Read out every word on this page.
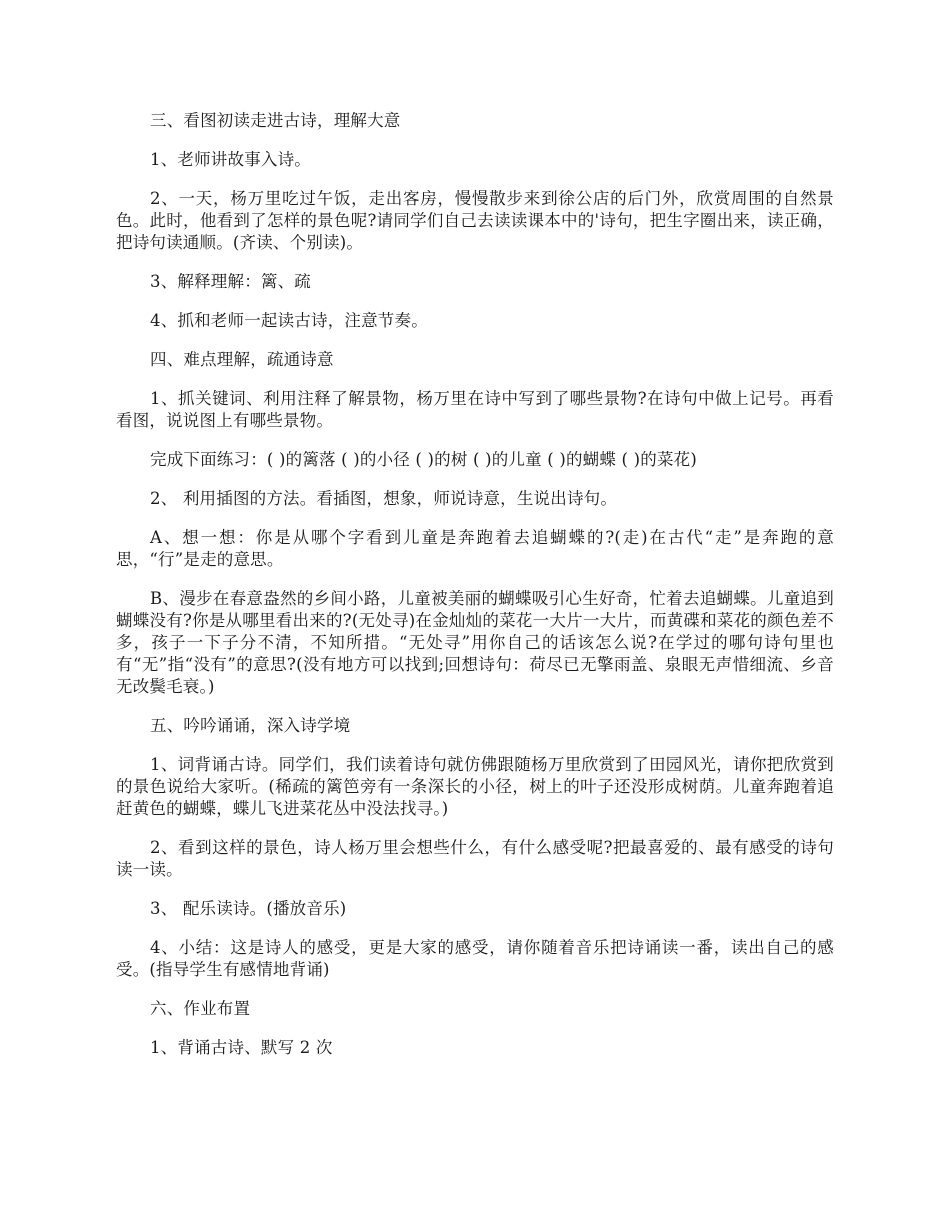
三、看图初读走进古诗，理解大意

1、老师讲故事入诗。

2、一天，杨万里吃过午饭，走出客房，慢慢散步来到徐公店的后门外，欣赏周围的自然景色。此时，他看到了怎样的景色呢?请同学们自己去读读课本中的'诗句，把生字圈出来，读正确，把诗句读通顺。(齐读、个别读)。

3、解释理解：篱、疏

4、抓和老师一起读古诗，注意节奏。

四、难点理解，疏通诗意

1、抓关键词、利用注释了解景物，杨万里在诗中写到了哪些景物?在诗句中做上记号。再看看图，说说图上有哪些景物。

完成下面练习：( )的篱落 ( )的小径 ( )的树 ( )的儿童 ( )的蝴蝶 ( )的菜花)

2、 利用插图的方法。看插图，想象，师说诗意，生说出诗句。

A、想一想：你是从哪个字看到儿童是奔跑着去追蝴蝶的?(走)在古代“走”是奔跑的意思，“行”是走的意思。

B、漫步在春意盎然的乡间小路，儿童被美丽的蝴蝶吸引心生好奇，忙着去追蝴蝶。儿童追到蝴蝶没有?你是从哪里看出来的?(无处寻)在金灿灿的菜花一大片一大片，而黄碟和菜花的颜色差不多，孩子一下子分不清，不知所措。“无处寻”用你自己的话该怎么说?在学过的哪句诗句里也有“无”指“没有”的意思?(没有地方可以找到;回想诗句：荷尽已无擎雨盖、泉眼无声惜细流、乡音无改鬓毛衰。)

五、吟吟诵诵，深入诗学境

1、词背诵古诗。同学们，我们读着诗句就仿佛跟随杨万里欣赏到了田园风光，请你把欣赏到的景色说给大家听。(稀疏的篱笆旁有一条深长的小径，树上的叶子还没形成树荫。儿童奔跑着追赶黄色的蝴蝶，蝶儿飞进菜花丛中没法找寻。)

2、看到这样的景色，诗人杨万里会想些什么，有什么感受呢?把最喜爱的、最有感受的诗句读一读。

3、 配乐读诗。(播放音乐)

4、小结：这是诗人的感受，更是大家的感受，请你随着音乐把诗诵读一番，读出自己的感受。(指导学生有感情地背诵)

六、作业布置

1、背诵古诗、默写 2 次
